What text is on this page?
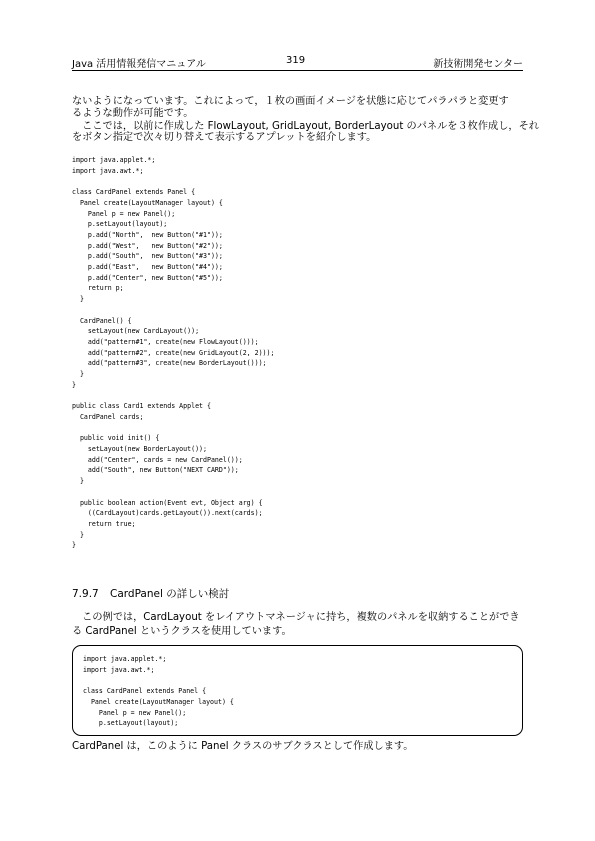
Java 活用情報発信マニュアル	319	新技術開発センター
ないようになっています。これによって，１枚の画面イメージを状態に応じてパラパラと変更す
るような動作が可能です。
　ここでは，以前に作成した FlowLayout, GridLayout, BorderLayout のパネルを３枚作成し，それ
をボタン指定で次々切り替えて表示するアプレットを紹介します。
import java.applet.*;
import java.awt.*;

class CardPanel extends Panel {
Panel create(LayoutManager layout) {
Panel p = new Panel();
p.setLayout(layout);
p.add("North",  new Button("#1"));
p.add("West",   new Button("#2"));
p.add("South",  new Button("#3"));
p.add("East",   new Button("#4"));
p.add("Center", new Button("#5"));
return p;
}

CardPanel() {
setLayout(new CardLayout());
add("pattern#1", create(new FlowLayout()));
add("pattern#2", create(new GridLayout(2, 2)));
add("pattern#3", create(new BorderLayout()));
}
}

public class Card1 extends Applet {
CardPanel cards;

public void init() {
setLayout(new BorderLayout());
add("Center", cards = new CardPanel());
add("South", new Button("NEXT CARD"));
}

public boolean action(Event evt, Object arg) {
((CardLayout)cards.getLayout()).next(cards);
return true;
}
}
7.9.7 CardPanel の詳しい検討
　この例では，CardLayout をレイアウトマネージャに持ち，複数のパネルを収納することができ
る CardPanel というクラスを使用しています。
import java.applet.*;
import java.awt.*;

class CardPanel extends Panel {
Panel create(LayoutManager layout) {
Panel p = new Panel();
p.setLayout(layout);
CardPanel は，このように Panel クラスのサブクラスとして作成します。
